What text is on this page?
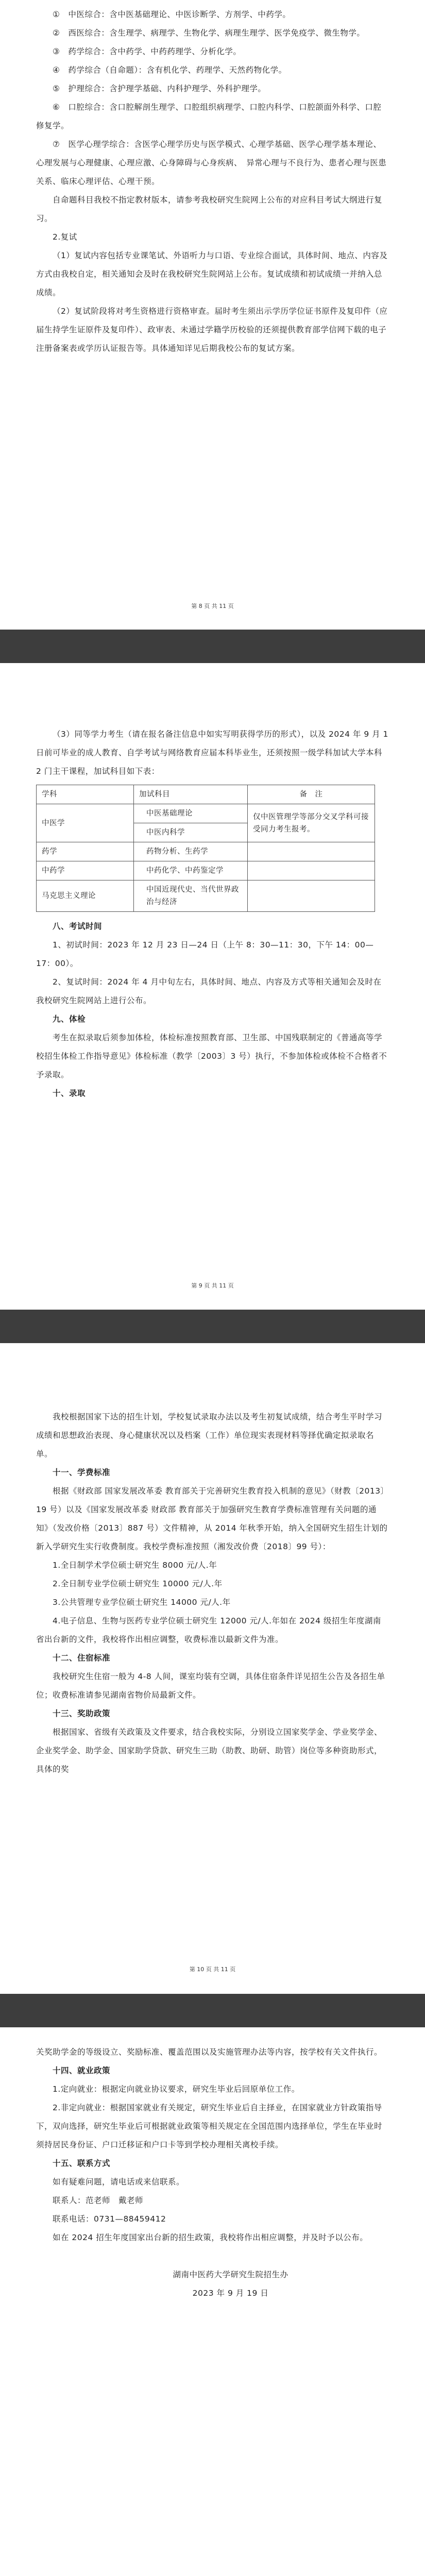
①　中医综合：含中医基础理论、中医诊断学、方剂学、中药学。

②　西医综合：含生理学、病理学、生物化学、病理生理学、医学免疫学、微生物学。

③　药学综合：含中药学、中药药理学、分析化学。

④　药学综合（自命题）：含有机化学、药理学、天然药物化学。

⑤　护理综合：含护理学基础、内科护理学、外科护理学。

⑥　口腔综合：含口腔解剖生理学、口腔组织病理学、口腔内科学、口腔颌面外科学、口腔修复学。

⑦　医学心理学综合：含医学心理学历史与医学模式、心理学基础、医学心理学基本理论、心理发展与心理健康、心理应激、心身障碍与心身疾病、　异常心理与不良行为、患者心理与医患关系、临床心理评估、心理干预。

自命题科目我校不指定教材版本，请参考我校研究生院网上公布的对应科目考试大纲进行复习。

2.复试

（1）复试内容包括专业课笔试、外语听力与口语、专业综合面试，具体时间、地点、内容及方式由我校自定，相关通知会及时在我校研究生院网站上公布。复试成绩和初试成绩一并纳入总成绩。

（2）复试阶段将对考生资格进行资格审查。届时考生须出示学历学位证书原件及复印件（应届生持学生证原件及复印件）、政审表、未通过学籍学历校验的还须提供教育部学信网下载的电子注册备案表或学历认证报告等。具体通知详见后期我校公布的复试方案。

第 8 页 共 11 页

（3）同等学力考生（请在报名备注信息中如实写明获得学历的形式），以及 2024 年 9 月 1 日前可毕业的成人教育、自学考试与网络教育应届本科毕业生，还须按照一级学科加试大学本科 2 门主干课程，加试科目如下表：

学科	加试科目	备　注
中医学	中医基础理论	仅中医管理学等部分交叉学科可接受同力考生报考。
	中医内科学	
药学	药物分析、生药学	
中药学	中药化学、中药鉴定学	
马克思主义理论	中国近现代史、当代世界政治与经济	

八、考试时间

1、初试时间：2023 年 12 月 23 日—24 日（上午 8：30—11：30，下午 14：00—17：00）。

2、复试时间：2024 年 4 月中旬左右，具体时间、地点、内容及方式等相关通知会及时在我校研究生院网站上进行公布。

九、体检

考生在拟录取后须参加体检，体检标准按照教育部、卫生部、中国残联制定的《普通高等学校招生体检工作指导意见》体检标准（教学〔2003〕3 号）执行，不参加体检或体检不合格者不予录取。

十、录取

第 9 页 共 11 页

我校根据国家下达的招生计划，学校复试录取办法以及考生初复试成绩，结合考生平时学习成绩和思想政治表现、身心健康状况以及档案（工作）单位现实表现材料等择优确定拟录取名单。

十一、学费标准

根据《财政部 国家发展改革委 教育部关于完善研究生教育投入机制的意见》（财教〔2013〕19 号）以及《国家发展改革委 财政部 教育部关于加强研究生教育学费标准管理有关问题的通知》（发改价格〔2013〕887 号）文件精神，从 2014 年秋季开始，纳入全国研究生招生计划的新入学研究生实行收费制度。我校学费标准按照（湘发改价费〔2018〕99 号）：

1.全日制学术学位硕士研究生 8000 元/人.年

2.全日制专业学位硕士研究生 10000 元/人.年

3.公共管理专业学位硕士研究生 14000 元/人.年

4.电子信息、生物与医药专业学位硕士研究生 12000 元/人.年如在 2024 级招生年度湖南省出台新的文件，我校将作出相应调整，收费标准以最新文件为准。

十二、住宿标准

我校研究生住宿一般为 4-8 人间，课室均装有空调，具体住宿条件详见招生公告及各招生单位；收费标准请参见湖南省物价局最新文件。

十三、奖助政策

根据国家、省级有关政策及文件要求，结合我校实际，分别设立国家奖学金、学业奖学金、企业奖学金、助学金、国家助学贷款、研究生三助（助教、助研、助管）岗位等多种资助形式，具体的奖

第 10 页 共 11 页

关奖助学金的等级设立、奖励标准、覆盖范围以及实施管理办法等内容，按学校有关文件执行。

十四、就业政策

1.定向就业：根据定向就业协议要求，研究生毕业后回原单位工作。

2.非定向就业：根据国家就业有关规定，研究生毕业后自主择业，在国家就业方针政策指导下，双向选择，研究生毕业后可根据就业政策等相关规定在全国范围内选择单位，学生在毕业时须持居民身份证、户口迁移证和户口卡等到学校办理相关离校手续。

十五、联系方式

如有疑难问题，请电话或来信联系。

联系人：范老师　戴老师

联系电话：0731—88459412

如在 2024 招生年度国家出台新的招生政策，我校将作出相应调整，并及时予以公布。

湖南中医药大学研究生院招生办

2023 年 9 月 19 日
